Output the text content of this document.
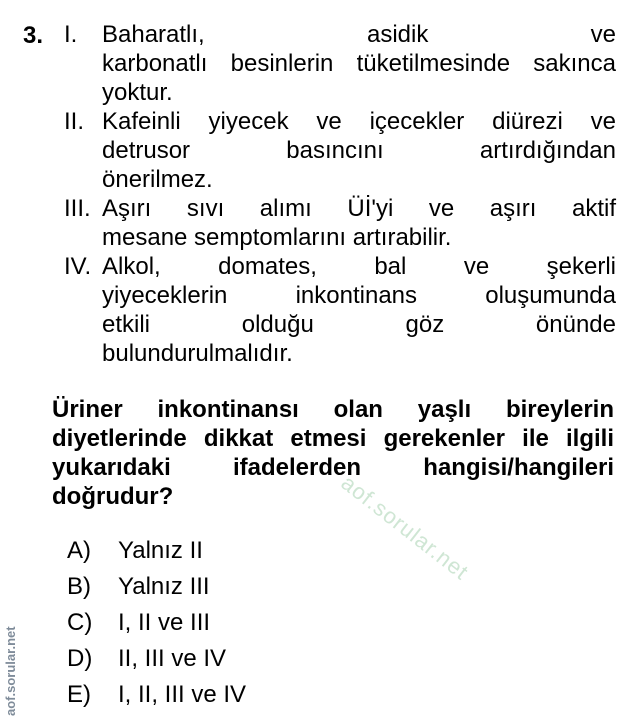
3. I. Baharatlı, asidik ve
karbonatlı besinlerin tüketilmesinde sakınca
yoktur.
II. Kafeinli yiyecek ve içecekler diürezi ve
detrusor basıncını artırdığından
önerilmez.
III. Aşırı sıvı alımı Üİ'yi ve aşırı aktif
mesane semptomlarını artırabilir.
IV. Alkol, domates, bal ve şekerli
yiyeceklerin inkontinans oluşumunda
etkili olduğu göz önünde
bulundurulmalıdır.
Üriner inkontinansı olan yaşlı bireylerin
diyetlerinde dikkat etmesi gerekenler ile ilgili
yukarıdaki ifadelerden hangisi/hangileri
doğrudur?
A)	Yalnız II
B)	Yalnız III
C)	I, II ve III
D)	II, III ve IV
E)	I, II, III ve IV
aof.sorular.net
aof.sorular.net
